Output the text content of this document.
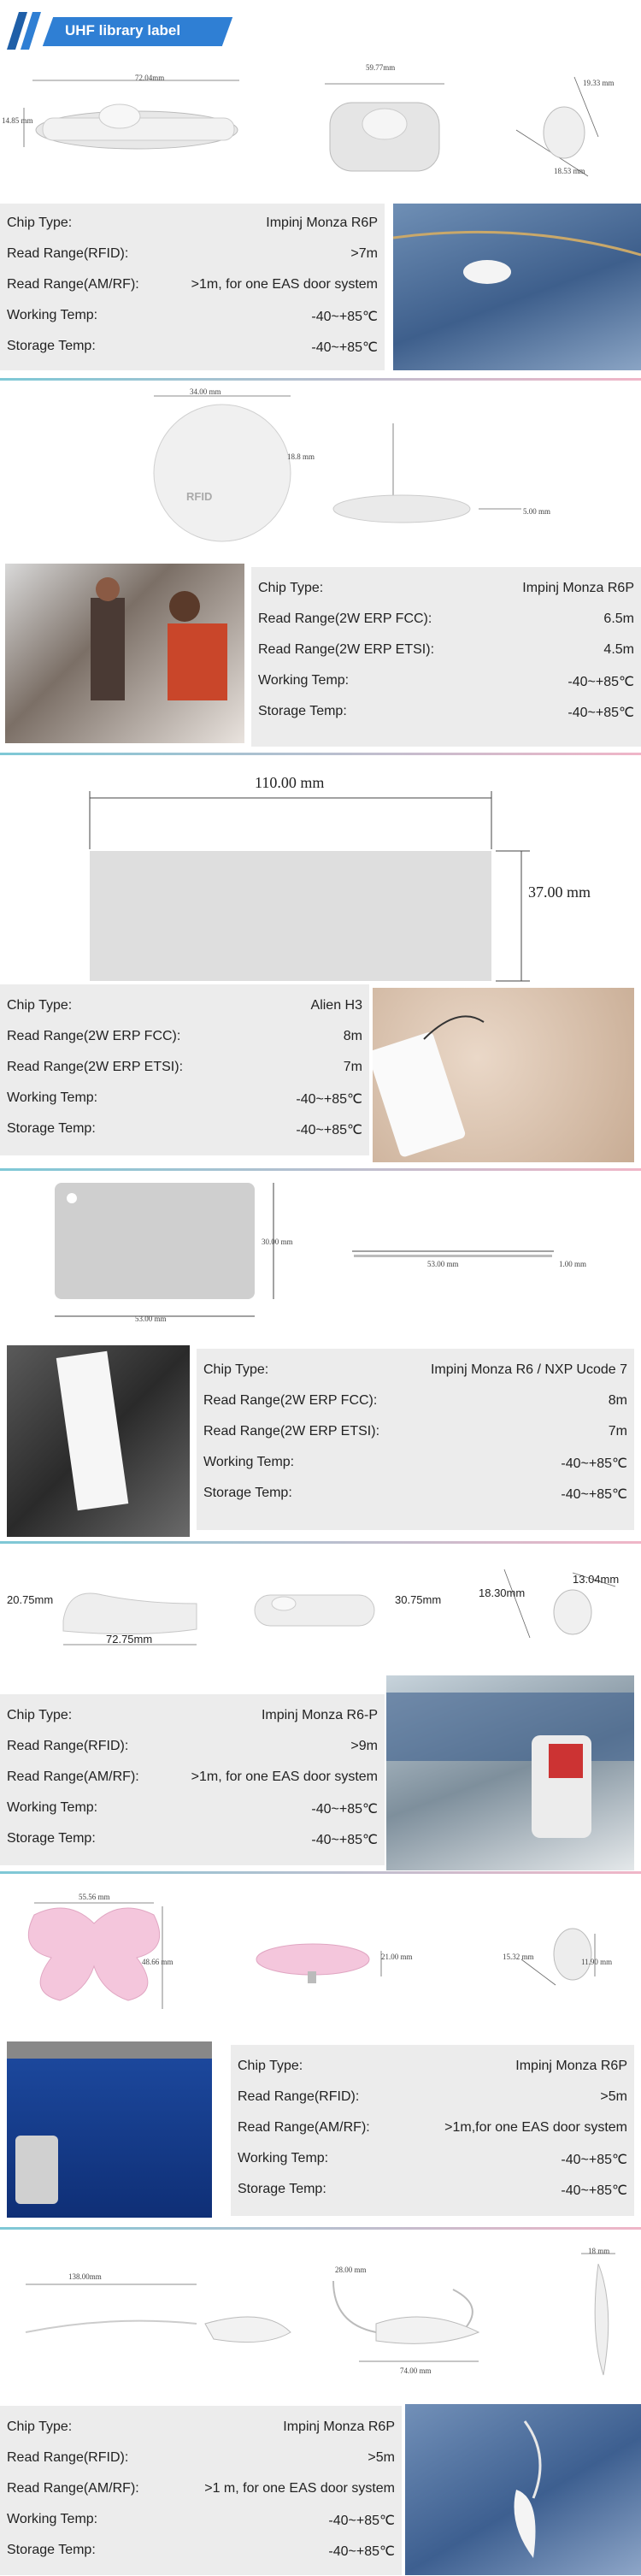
UHF library label
72.04mm
14.85 mm
59.77mm
19.33 mm
18.53 mm
Chip Type:	Impinj Monza R6P
Read Range(RFID):	>7m
Read Range(AM/RF):	>1m, for one EAS door system
Working Temp:	-40~+85℃
Storage Temp:	-40~+85℃
34.00 mm
RFID
18.8 mm
5.00 mm
Chip Type:	Impinj Monza R6P
Read Range(2W ERP FCC):	6.5m
Read Range(2W ERP ETSI):	4.5m
Working Temp:	-40~+85℃
Storage Temp:	-40~+85℃
110.00 mm
37.00 mm
Chip Type:	Alien H3
Read Range(2W ERP FCC):	8m
Read Range(2W ERP ETSI):	7m
Working Temp:	-40~+85℃
Storage Temp:	-40~+85℃
30.00 mm
53.00 mm
53.00 mm	1.00 mm
Chip Type:	Impinj Monza R6 / NXP Ucode 7
Read Range(2W ERP FCC):	8m
Read Range(2W ERP ETSI):	7m
Working Temp:	-40~+85℃
Storage Temp:	-40~+85℃
20.75mm
72.75mm
30.75mm
18.30mm
13.04mm
Chip Type:	Impinj Monza R6-P
Read Range(RFID):	>9m
Read Range(AM/RF):	>1m, for one EAS door system
Working Temp:	-40~+85℃
Storage Temp:	-40~+85℃
55.56 mm
48.66 mm
21.00 mm	15.32 mm
11.90 mm
Chip Type:	Impinj Monza R6P
Read Range(RFID):	>5m
Read Range(AM/RF):	>1m,for one EAS door system
Working Temp:	-40~+85℃
Storage Temp:	-40~+85℃
138.00mm
28.00 mm
74.00 mm
18 mm
Chip Type:	Impinj Monza R6P
Read Range(RFID):	>5m
Read Range(AM/RF):	>1 m, for one EAS door system
Working Temp:	-40~+85℃
Storage Temp:	-40~+85℃
